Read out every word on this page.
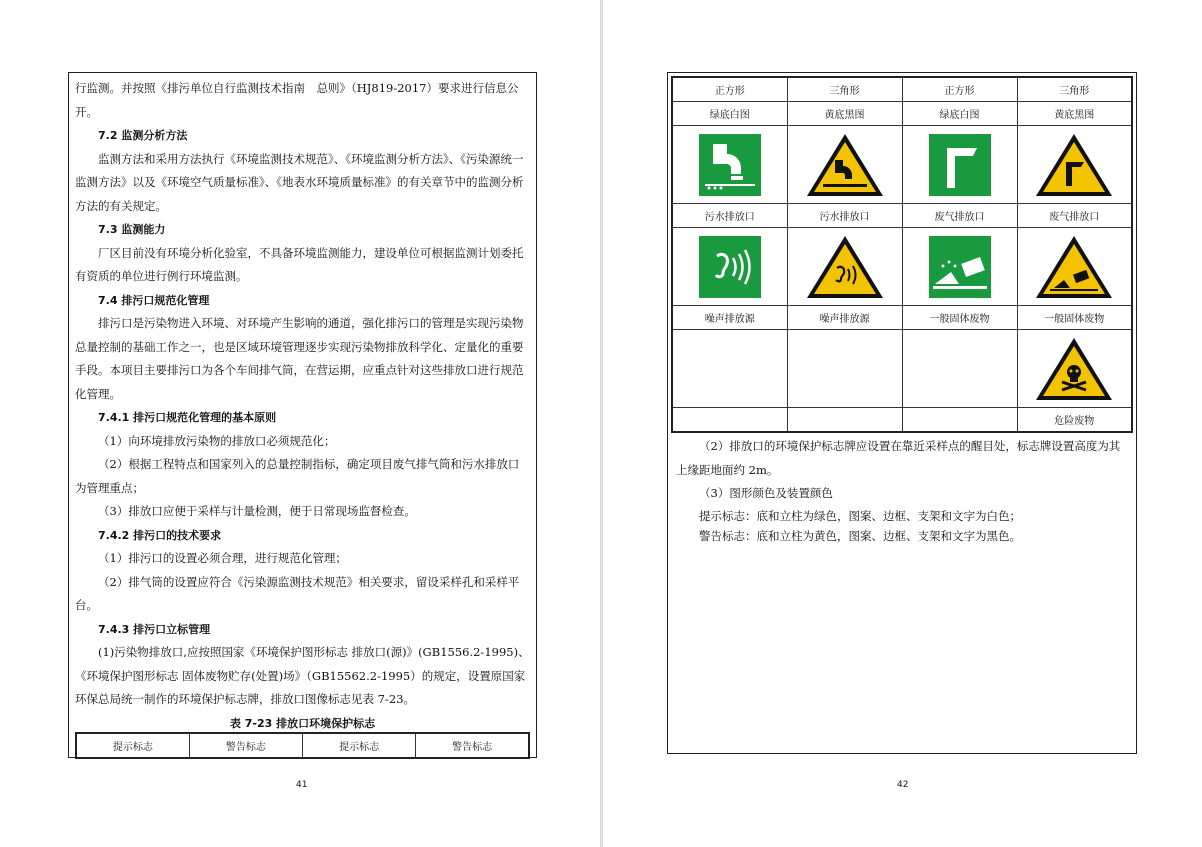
行监测。并按照《排污单位自行监测技术指南　总则》（HJ819-2017）要求进行信息公开。

7.2 监测分析方法

监测方法和采用方法执行《环境监测技术规范》、《环境监测分析方法》、《污染源统一监测方法》以及《环境空气质量标准》、《地表水环境质量标准》的有关章节中的监测分析方法的有关规定。

7.3 监测能力

厂区目前没有环境分析化验室，不具备环境监测能力，建设单位可根据监测计划委托有资质的单位进行例行环境监测。

7.4 排污口规范化管理

排污口是污染物进入环境、对环境产生影响的通道，强化排污口的管理是实现污染物总量控制的基础工作之一，也是区域环境管理逐步实现污染物排放科学化、定量化的重要手段。本项目主要排污口为各个车间排气筒，在营运期，应重点针对这些排放口进行规范化管理。

7.4.1 排污口规范化管理的基本原则

（1）向环境排放污染物的排放口必须规范化；

（2）根据工程特点和国家列入的总量控制指标，确定项目废气排气筒和污水排放口为管理重点；

（3）排放口应便于采样与计量检测，便于日常现场监督检查。

7.4.2 排污口的技术要求

（1）排污口的设置必须合理，进行规范化管理；

（2）排气筒的设置应符合《污染源监测技术规范》相关要求，留设采样孔和采样平台。

7.4.3 排污口立标管理

(1)污染物排放口,应按照国家《环境保护图形标志 排放口(源)》(GB1556.2-1995)、《环境保护图形标志 固体废物贮存(处置)场》（GB15562.2-1995）的规定，设置原国家环保总局统一制作的环境保护标志牌，排放口图像标志见表 7-23。

表 7-23 排放口环境保护标志

提示标志	警告标志	提示标志	警告标志
41
正方形	三角形	正方形	三角形
绿底白图	黄底黑图	绿底白图	黄底黑图

污水排放口	污水排放口	废气排放口	废气排放口

噪声排放源	噪声排放源	一般固体废物	一般固体废物

			危险废物

（2）排放口的环境保护标志牌应设置在靠近采样点的醒目处，标志牌设置高度为其上缘距地面约 2m。

（3）图形颜色及装置颜色

提示标志：底和立柱为绿色，图案、边框、支架和文字为白色；

警告标志：底和立柱为黄色，图案、边框、支架和文字为黑色。

42
